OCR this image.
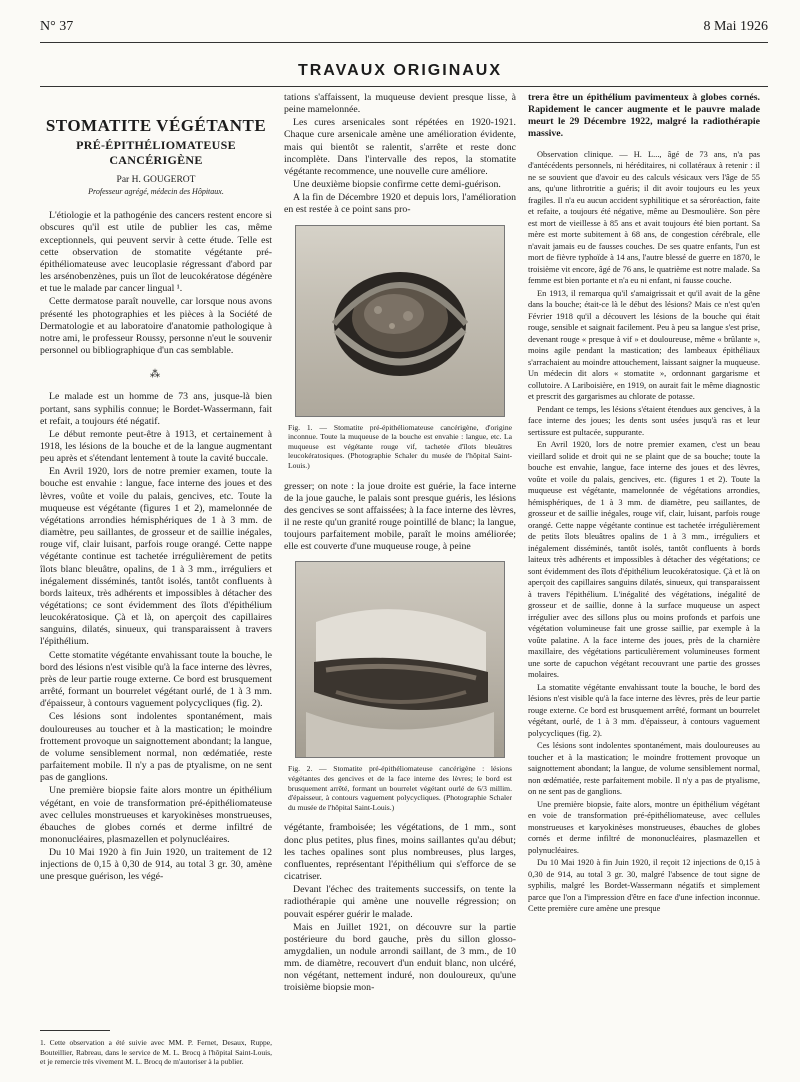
N° 37	8 Mai 1926
TRAVAUX ORIGINAUX
STOMATITE VÉGÉTANTE
PRÉ-ÉPITHÉLIOMATEUSE CANCÉRIGÈNE
Par H. GOUGEROT
Professeur agrégé, médecin des Hôpitaux.

L'étiologie et la pathogénie des cancers restent encore si obscures qu'il est utile de publier les cas, même exceptionnels, qui peuvent servir à cette étude. Telle est cette observation de stomatite végétante pré-épithéliomateuse avec leucoplasie régressant d'abord par les arsénobenzènes, puis un îlot de leucokératose dégénère et tue le malade par cancer lingual ¹.

Cette dermatose paraît nouvelle, car lorsque nous avons présenté les photographies et les pièces à la Société de Dermatologie et au laboratoire d'anatomie pathologique à notre ami, le professeur Roussy, personne n'eut le souvenir personnel ou bibliographique d'un cas semblable.

⁂

Le malade est un homme de 73 ans, jusque-là bien portant, sans syphilis connue; le Bordet-Wassermann, fait et refait, a toujours été négatif.

Le début remonte peut-être à 1913, et certainement à 1918, les lésions de la bouche et de la langue augmentant peu après et s'étendant lentement à toute la cavité buccale.

En Avril 1920, lors de notre premier examen, toute la bouche est envahie : langue, face interne des joues et des lèvres, voûte et voile du palais, gencives, etc. Toute la muqueuse est végétante (figures 1 et 2), mamelonnée de végétations arrondies hémisphériques de 1 à 3 mm. de diamètre, peu saillantes, de grosseur et de saillie inégales, rouge vif, clair luisant, parfois rouge orangé. Cette nappe végétante continue est tachetée irrégulièrement de petits îlots blanc bleuâtre, opalins, de 1 à 3 mm., irréguliers et inégalement disséminés, tantôt isolés, tantôt confluents à bords laiteux, très adhérents et impossibles à détacher des végétations; ce sont évidemment des îlots d'épithélium leucokératosique. Çà et là, on aperçoit des capillaires sanguins, dilatés, sinueux, qui transparaissent à travers l'épithélium.

Cette stomatite végétante envahissant toute la bouche, le bord des lésions n'est visible qu'à la face interne des lèvres, près de leur partie rouge externe. Ce bord est brusquement arrêté, formant un bourrelet végétant ourlé, de 1 à 3 mm. d'épaisseur, à contours vaguement polycycliques (fig. 2).

Ces lésions sont indolentes spontanément, mais douloureuses au toucher et à la mastication; le moindre frottement provoque un saignottement abondant; la langue, de volume sensiblement normal, non œdématiée, reste parfaitement mobile. Il n'y a pas de ptyalisme, on ne sent pas de ganglions.

Une première biopsie faite alors montre un épithélium végétant, en voie de transformation pré-épithéliomateuse avec cellules monstrueuses et karyokinèses monstrueuses, ébauches de globes cornés et derme infiltré de mononucléaires, plasmazellen et polynucléaires.

Du 10 Mai 1920 à fin Juin 1920, un traitement de 12 injections de 0,15 à 0,30 de 914, au total 3 gr. 30, amène une presque guérison, les végé-

1. Cette observation a été suivie avec MM. P. Fernet, Desaux, Ruppe, Bouteillier, Rabreau, dans le service de M. L. Brocq à l'hôpital Saint-Louis, et je remercie très vivement M. L. Brocq de m'autoriser à la publier.

tations s'affaissent, la muqueuse devient presque lisse, à peine mamelonnée.

Les cures arsenicales sont répétées en 1920-1921. Chaque cure arsenicale amène une amélioration évidente, mais qui bientôt se ralentit, s'arrête et reste donc incomplète. Dans l'intervalle des repos, la stomatite végétante recommence, une nouvelle cure améliore.

Une deuxième biopsie confirme cette demi-guérison.

A la fin de Décembre 1920 et depuis lors, l'amélioration en est restée à ce point sans pro-

Fig. 1. — Stomatite pré-épithéliomateuse cancérigène, d'origine inconnue. Toute la muqueuse de la bouche est envahie : langue, etc. La muqueuse est végétante rouge vif, tachetée d'îlots bleuâtres leucokératosiques. (Photographie Schaler du musée de l'hôpital Saint-Louis.)

gresser; on note : la joue droite est guérie, la face interne de la joue gauche, le palais sont presque guéris, les lésions des gencives se sont affaissées; à la face interne des lèvres, il ne reste qu'un granité rouge pointillé de blanc; la langue, toujours parfaitement mobile, paraît le moins améliorée; elle est couverte d'une muqueuse rouge, à peine

Fig. 2. — Stomatite pré-épithéliomateuse cancérigène : lésions végétantes des gencives et de la face interne des lèvres; le bord est brusquement arrêté, formant un bourrelet végétant ourlé de 6/3 millim. d'épaisseur, à contours vaguement polycycliques. (Photographie Schaler du musée de l'hôpital Saint-Louis.)

végétante, framboisée; les végétations, de 1 mm., sont donc plus petites, plus fines, moins saillantes qu'au début; les taches opalines sont plus nombreuses, plus larges, confluentes, représentant l'épithélium qui s'efforce de se cicatriser.

Devant l'échec des traitements successifs, on tente la radiothérapie qui amène une nouvelle régression; on pouvait espérer guérir le malade.

Mais en Juillet 1921, on découvre sur la partie postérieure du bord gauche, près du sillon glosso-amygdalien, un nodule arrondi saillant, de 3 mm., de 10 mm. de diamètre, recouvert d'un enduit blanc, non ulcéré, non végétant, nettement induré, non douloureux, qu'une troisième biopsie mon-

trera être un épithélium pavimenteux à globes cornés. Rapidement le cancer augmente et le pauvre malade meurt le 29 Décembre 1922, malgré la radiothérapie massive.

Observation clinique. — H. L..., âgé de 73 ans, n'a pas d'antécédents personnels, ni héréditaires, ni collatéraux à retenir : il ne se souvient que d'avoir eu des calculs vésicaux vers l'âge de 55 ans, qu'une lithrotritie a guéris; il dit avoir toujours eu les yeux fragiles. Il n'a eu aucun accident syphilitique et sa séroréaction, faite et refaite, a toujours été négative, même au Desmoulière. Son père est mort de vieillesse à 85 ans et avait toujours été bien portant. Sa mère est morte subitement à 68 ans, de congestion cérébrale, elle n'avait jamais eu de fausses couches. De ses quatre enfants, l'un est mort de fièvre typhoïde à 14 ans, l'autre blessé de guerre en 1870, le troisième vit encore, âgé de 76 ans, le quatrième est notre malade. Sa femme est bien portante et n'a eu ni enfant, ni fausse couche.

En 1913, il remarqua qu'il s'amaigrissait et qu'il avait de la gêne dans la bouche; était-ce là le début des lésions? Mais ce n'est qu'en Février 1918 qu'il a découvert les lésions de la bouche qui était rouge, sensible et saignait facilement. Peu à peu sa langue s'est prise, devenant rouge « presque à vif » et douloureuse, même « brûlante », moins agile pendant la mastication; des lambeaux épithéliaux s'arrachaient au moindre attouchement, laissant saigner la muqueuse. Un médecin dit alors « stomatite », ordonnant gargarisme et collutoire. A Lariboisière, en 1919, on aurait fait le même diagnostic et prescrit des gargarismes au chlorate de potasse.

Pendant ce temps, les lésions s'étaient étendues aux gencives, à la face interne des joues; les dents sont usées jusqu'à ras et leur sertissure est pultacée, suppurante.

En Avril 1920, lors de notre premier examen, c'est un beau vieillard solide et droit qui ne se plaint que de sa bouche; toute la bouche est envahie, langue, face interne des joues et des lèvres, voûte et voile du palais, gencives, etc. (figures 1 et 2). Toute la muqueuse est végétante, mamelonnée de végétations arrondies, hémisphériques, de 1 à 3 mm. de diamètre, peu saillantes, de grosseur et de saillie inégales, rouge vif, clair, luisant, parfois rouge orangé. Cette nappe végétante continue est tachetée irrégulièrement de petits îlots bleuâtres opalins de 1 à 3 mm., irréguliers et inégalement disséminés, tantôt isolés, tantôt confluents à bords laiteux très adhérents et impossibles à détacher des végétations; ce sont évidemment des îlots d'épithélium leucokératosique. Çà et là on aperçoit des capillaires sanguins dilatés, sinueux, qui transparaissent à travers l'épithélium. L'inégalité des végétations, inégalité de grosseur et de saillie, donne à la surface muqueuse un aspect irrégulier avec des sillons plus ou moins profonds et parfois une végétation volumineuse fait une grosse saillie, par exemple à la voûte palatine. A la face interne des joues, près de la charnière maxillaire, des végétations particulièrement volumineuses forment une sorte de capuchon végétant recouvrant une partie des grosses molaires.

La stomatite végétante envahissant toute la bouche, le bord des lésions n'est visible qu'à la face interne des lèvres, près de leur partie rouge externe. Ce bord est brusquement arrêté, formant un bourrelet végétant, ourlé, de 1 à 3 mm. d'épaisseur, à contours vaguement polycycliques (fig. 2).

Ces lésions sont indolentes spontanément, mais douloureuses au toucher et à la mastication; le moindre frottement provoque un saignottement abondant; la langue, de volume sensiblement normal, non œdématiée, reste parfaitement mobile. Il n'y a pas de ptyalisme, on ne sent pas de ganglions.

Une première biopsie, faite alors, montre un épithélium végétant en voie de transformation pré-épithéliomateuse, avec cellules monstrueuses et karyokinèses monstrueuses, ébauches de globes cornés et derme infiltré de mononucléaires, plasmazellen et polynucléaires.

Du 10 Mai 1920 à fin Juin 1920, il reçoit 12 injections de 0,15 à 0,30 de 914, au total 3 gr. 30, malgré l'absence de tout signe de syphilis, malgré les Bordet-Wassermann négatifs et simplement parce que l'on a l'impression d'être en face d'une infection inconnue. Cette première cure amène une presque
